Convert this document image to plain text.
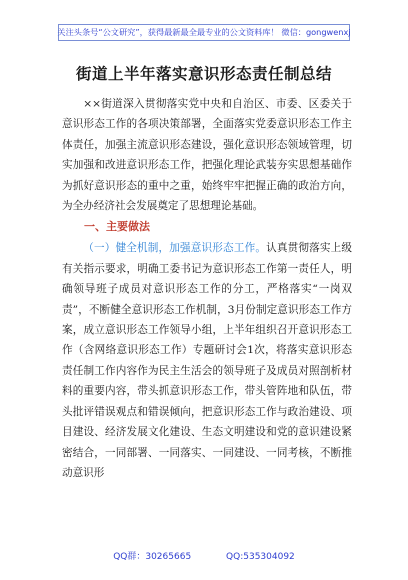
关注头条号“公文研究”，获得最新最全最专业的公文资料库！ 微信：gongwenxj
街道上半年落实意识形态责任制总结

××街道深入贯彻落实党中央和自治区、市委、区委关于意识形态工作的各项决策部署，全面落实党委意识形态工作主体责任，加强主流意识形态建设，强化意识形态领域管理，切实加强和改进意识形态工作，把强化理论武装夯实思想基础作为抓好意识形态的重中之重，始终牢牢把握正确的政治方向，为全办经济社会发展奠定了思想理论基础。

一、主要做法

（一）健全机制，加强意识形态工作。认真贯彻落实上级有关指示要求，明确工委书记为意识形态工作第一责任人，明确领导班子成员对意识形态工作的分工，严格落实“一岗双责”，不断健全意识形态工作机制，3月份制定意识形态工作方案，成立意识形态工作领导小组，上半年组织召开意识形态工作（含网络意识形态工作）专题研讨会1次，将落实意识形态责任制工作内容作为民主生活会的领导班子及成员对照剖析材料的重要内容，带头抓意识形态工作，带头管阵地和队伍，带头批评错误观点和错误倾向，把意识形态工作与政治建设、项目建设、经济发展文化建设、生态文明建设和党的意识建设紧密结合，一同部署、一同落实、一同建设、一同考核，不断推动意识形

QQ群：30265665	QQ:535304092
